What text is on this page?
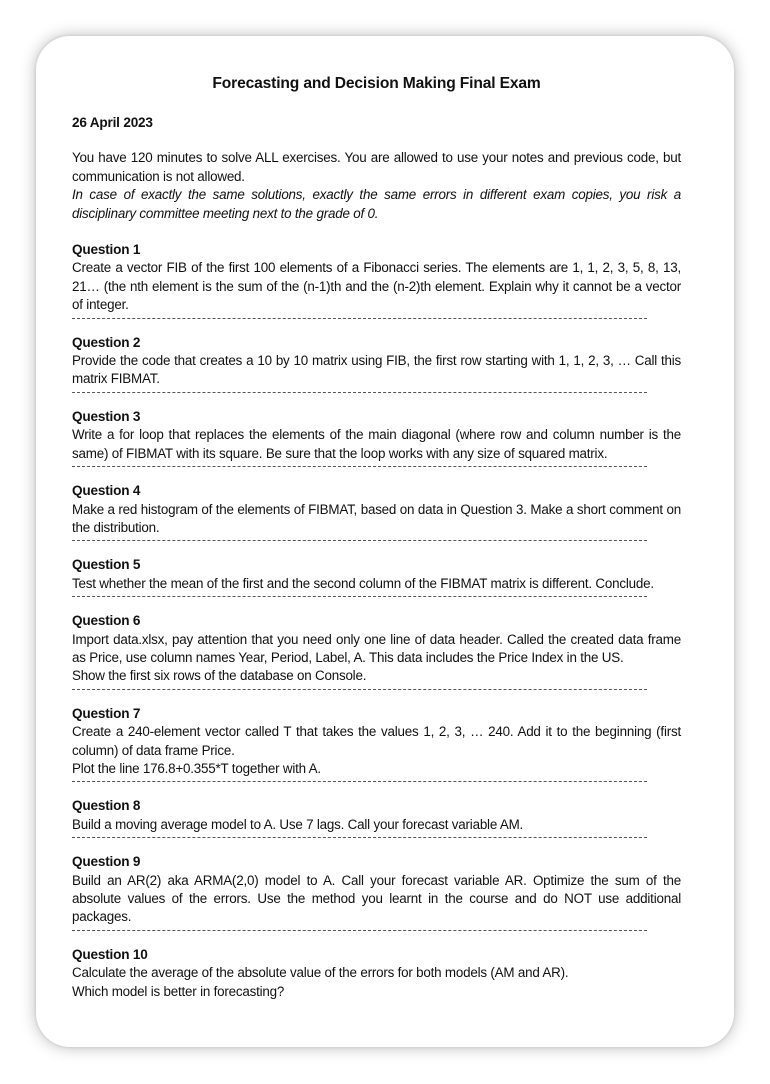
Forecasting and Decision Making Final Exam
26 April 2023

You have 120 minutes to solve ALL exercises. You are allowed to use your notes and previous code, but communication is not allowed.

In case of exactly the same solutions, exactly the same errors in different exam copies, you risk a disciplinary committee meeting next to the grade of 0.

Question 1

Create a vector FIB of the first 100 elements of a Fibonacci series. The elements are 1, 1, 2, 3, 5, 8, 13, 21… (the nth element is the sum of the (n-1)th and the (n-2)th element. Explain why it cannot be a vector of integer.

Question 2

Provide the code that creates a 10 by 10 matrix using FIB, the first row starting with 1, 1, 2, 3, … Call this matrix FIBMAT.

Question 3

Write a for loop that replaces the elements of the main diagonal (where row and column number is the same) of FIBMAT with its square. Be sure that the loop works with any size of squared matrix.

Question 4

Make a red histogram of the elements of FIBMAT, based on data in Question 3. Make a short comment on the distribution.

Question 5

Test whether the mean of the first and the second column of the FIBMAT matrix is different. Conclude.

Question 6

Import data.xlsx, pay attention that you need only one line of data header. Called the created data frame as Price, use column names Year, Period, Label, A. This data includes the Price Index in the US.

Show the first six rows of the database on Console.

Question 7

Create a 240-element vector called T that takes the values 1, 2, 3, … 240. Add it to the beginning (first column) of data frame Price.

Plot the line 176.8+0.355*T together with A.

Question 8

Build a moving average model to A. Use 7 lags. Call your forecast variable AM.

Question 9

Build an AR(2) aka ARMA(2,0) model to A. Call your forecast variable AR. Optimize the sum of the absolute values of the errors. Use the method you learnt in the course and do NOT use additional packages.

Question 10

Calculate the average of the absolute value of the errors for both models (AM and AR).

Which model is better in forecasting?
